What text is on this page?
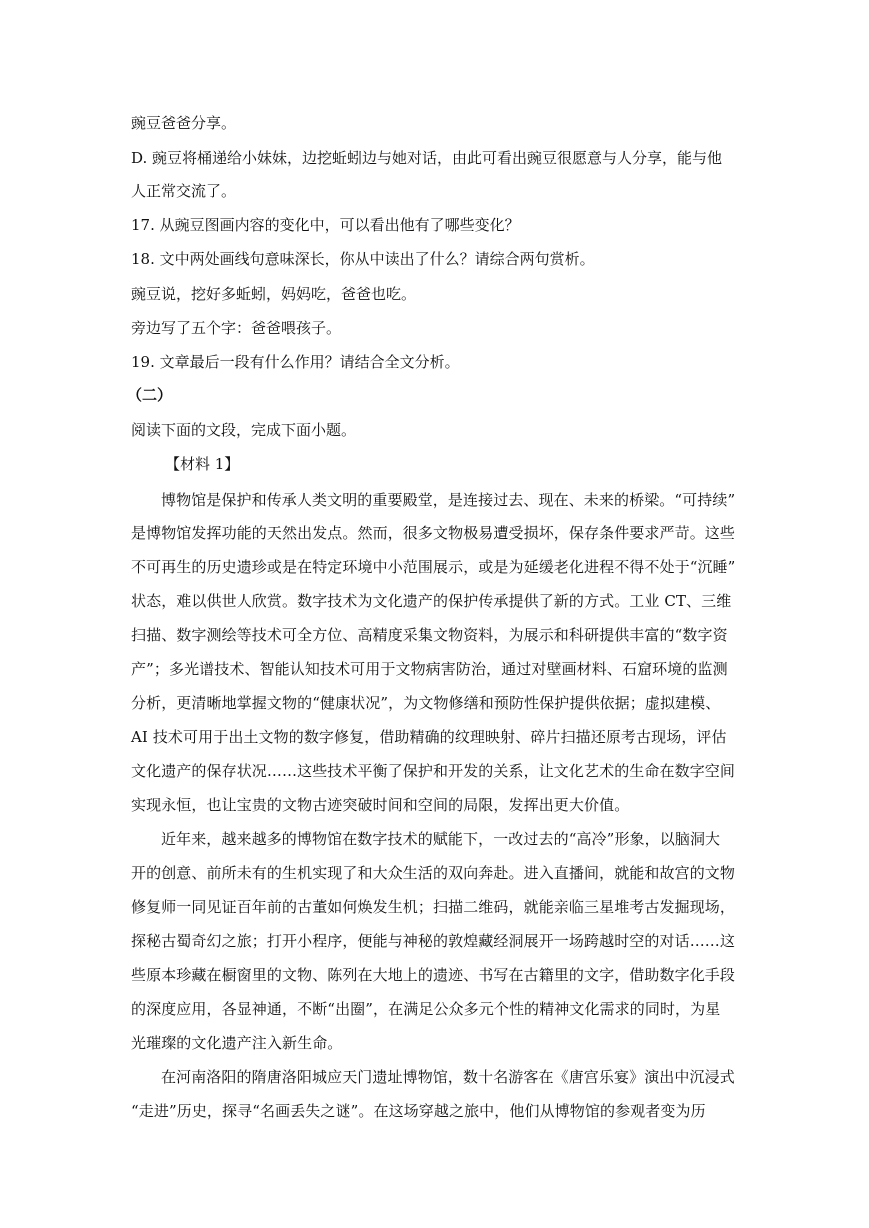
豌豆爸爸分享。
D. 豌豆将桶递给小妹妹，边挖蚯蚓边与她对话，由此可看出豌豆很愿意与人分享，能与他
人正常交流了。
17. 从豌豆图画内容的变化中，可以看出他有了哪些变化？
18. 文中两处画线句意味深长，你从中读出了什么？请综合两句赏析。
豌豆说，挖好多蚯蚓，妈妈吃，爸爸也吃。
旁边写了五个字：爸爸喂孩子。
19. 文章最后一段有什么作用？请结合全文分析。
（二）
阅读下面的文段，完成下面小题。
【材料 1】
博物馆是保护和传承人类文明的重要殿堂，是连接过去、现在、未来的桥梁。“可持续”
是博物馆发挥功能的天然出发点。然而，很多文物极易遭受损坏，保存条件要求严苛。这些
不可再生的历史遗珍或是在特定环境中小范围展示，或是为延缓老化进程不得不处于“沉睡”
状态，难以供世人欣赏。数字技术为文化遗产的保护传承提供了新的方式。工业 CT、三维
扫描、数字测绘等技术可全方位、高精度采集文物资料，为展示和科研提供丰富的“数字资
产”；多光谱技术、智能认知技术可用于文物病害防治，通过对壁画材料、石窟环境的监测
分析，更清晰地掌握文物的“健康状况”，为文物修缮和预防性保护提供依据；虚拟建模、
AI 技术可用于出土文物的数字修复，借助精确的纹理映射、碎片扫描还原考古现场，评估
文化遗产的保存状况……这些技术平衡了保护和开发的关系，让文化艺术的生命在数字空间
实现永恒，也让宝贵的文物古迹突破时间和空间的局限，发挥出更大价值。
近年来，越来越多的博物馆在数字技术的赋能下，一改过去的“高冷”形象，以脑洞大
开的创意、前所未有的生机实现了和大众生活的双向奔赴。进入直播间，就能和故宫的文物
修复师一同见证百年前的古董如何焕发生机；扫描二维码，就能亲临三星堆考古发掘现场，
探秘古蜀奇幻之旅；打开小程序，便能与神秘的敦煌藏经洞展开一场跨越时空的对话……这
些原本珍藏在橱窗里的文物、陈列在大地上的遗迹、书写在古籍里的文字，借助数字化手段
的深度应用，各显神通，不断“出圈”，在满足公众多元个性的精神文化需求的同时，为星
光璀璨的文化遗产注入新生命。
在河南洛阳的隋唐洛阳城应天门遗址博物馆，数十名游客在《唐宫乐宴》演出中沉浸式
“走进”历史，探寻“名画丢失之谜”。在这场穿越之旅中，他们从博物馆的参观者变为历
